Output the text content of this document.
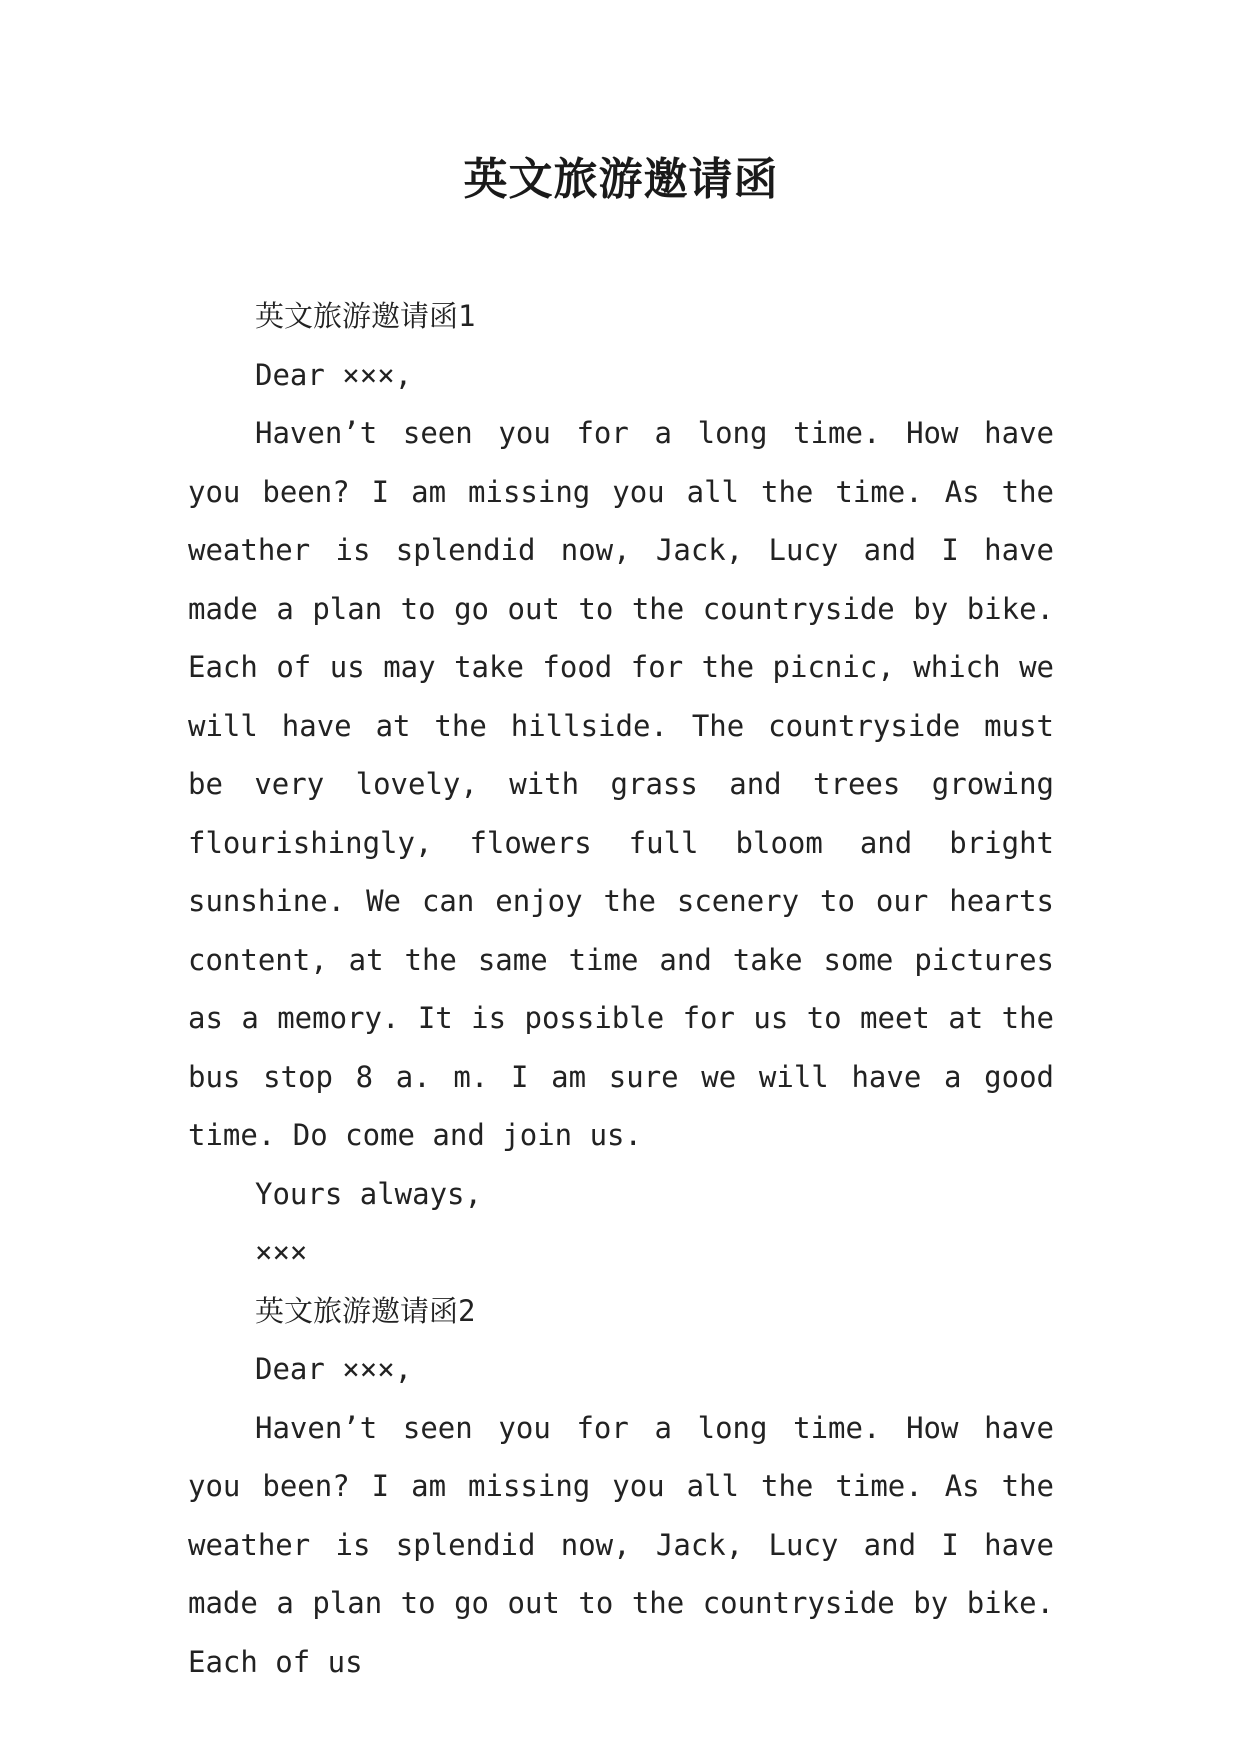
英文旅游邀请函

英文旅游邀请函1

Dear ×××,

Haven’t seen you for a long time. How have you been? I am missing you all the time. As the weather is splendid now, Jack, Lucy and I have made a plan to go out to the countryside by bike. Each of us may take food for the picnic, which we will have at the hillside. The countryside must be very lovely, with grass and trees growing flourishingly, flowers full bloom and bright sunshine. We can enjoy the scenery to our hearts content, at the same time and take some pictures as a memory. It is possible for us to meet at the bus stop 8 a. m. I am sure we will have a good time. Do come and join us.

Yours always,

×××

英文旅游邀请函2

Dear ×××,

Haven’t seen you for a long time. How have you been? I am missing you all the time. As the weather is splendid now, Jack, Lucy and I have made a plan to go out to the countryside by bike. Each of us
